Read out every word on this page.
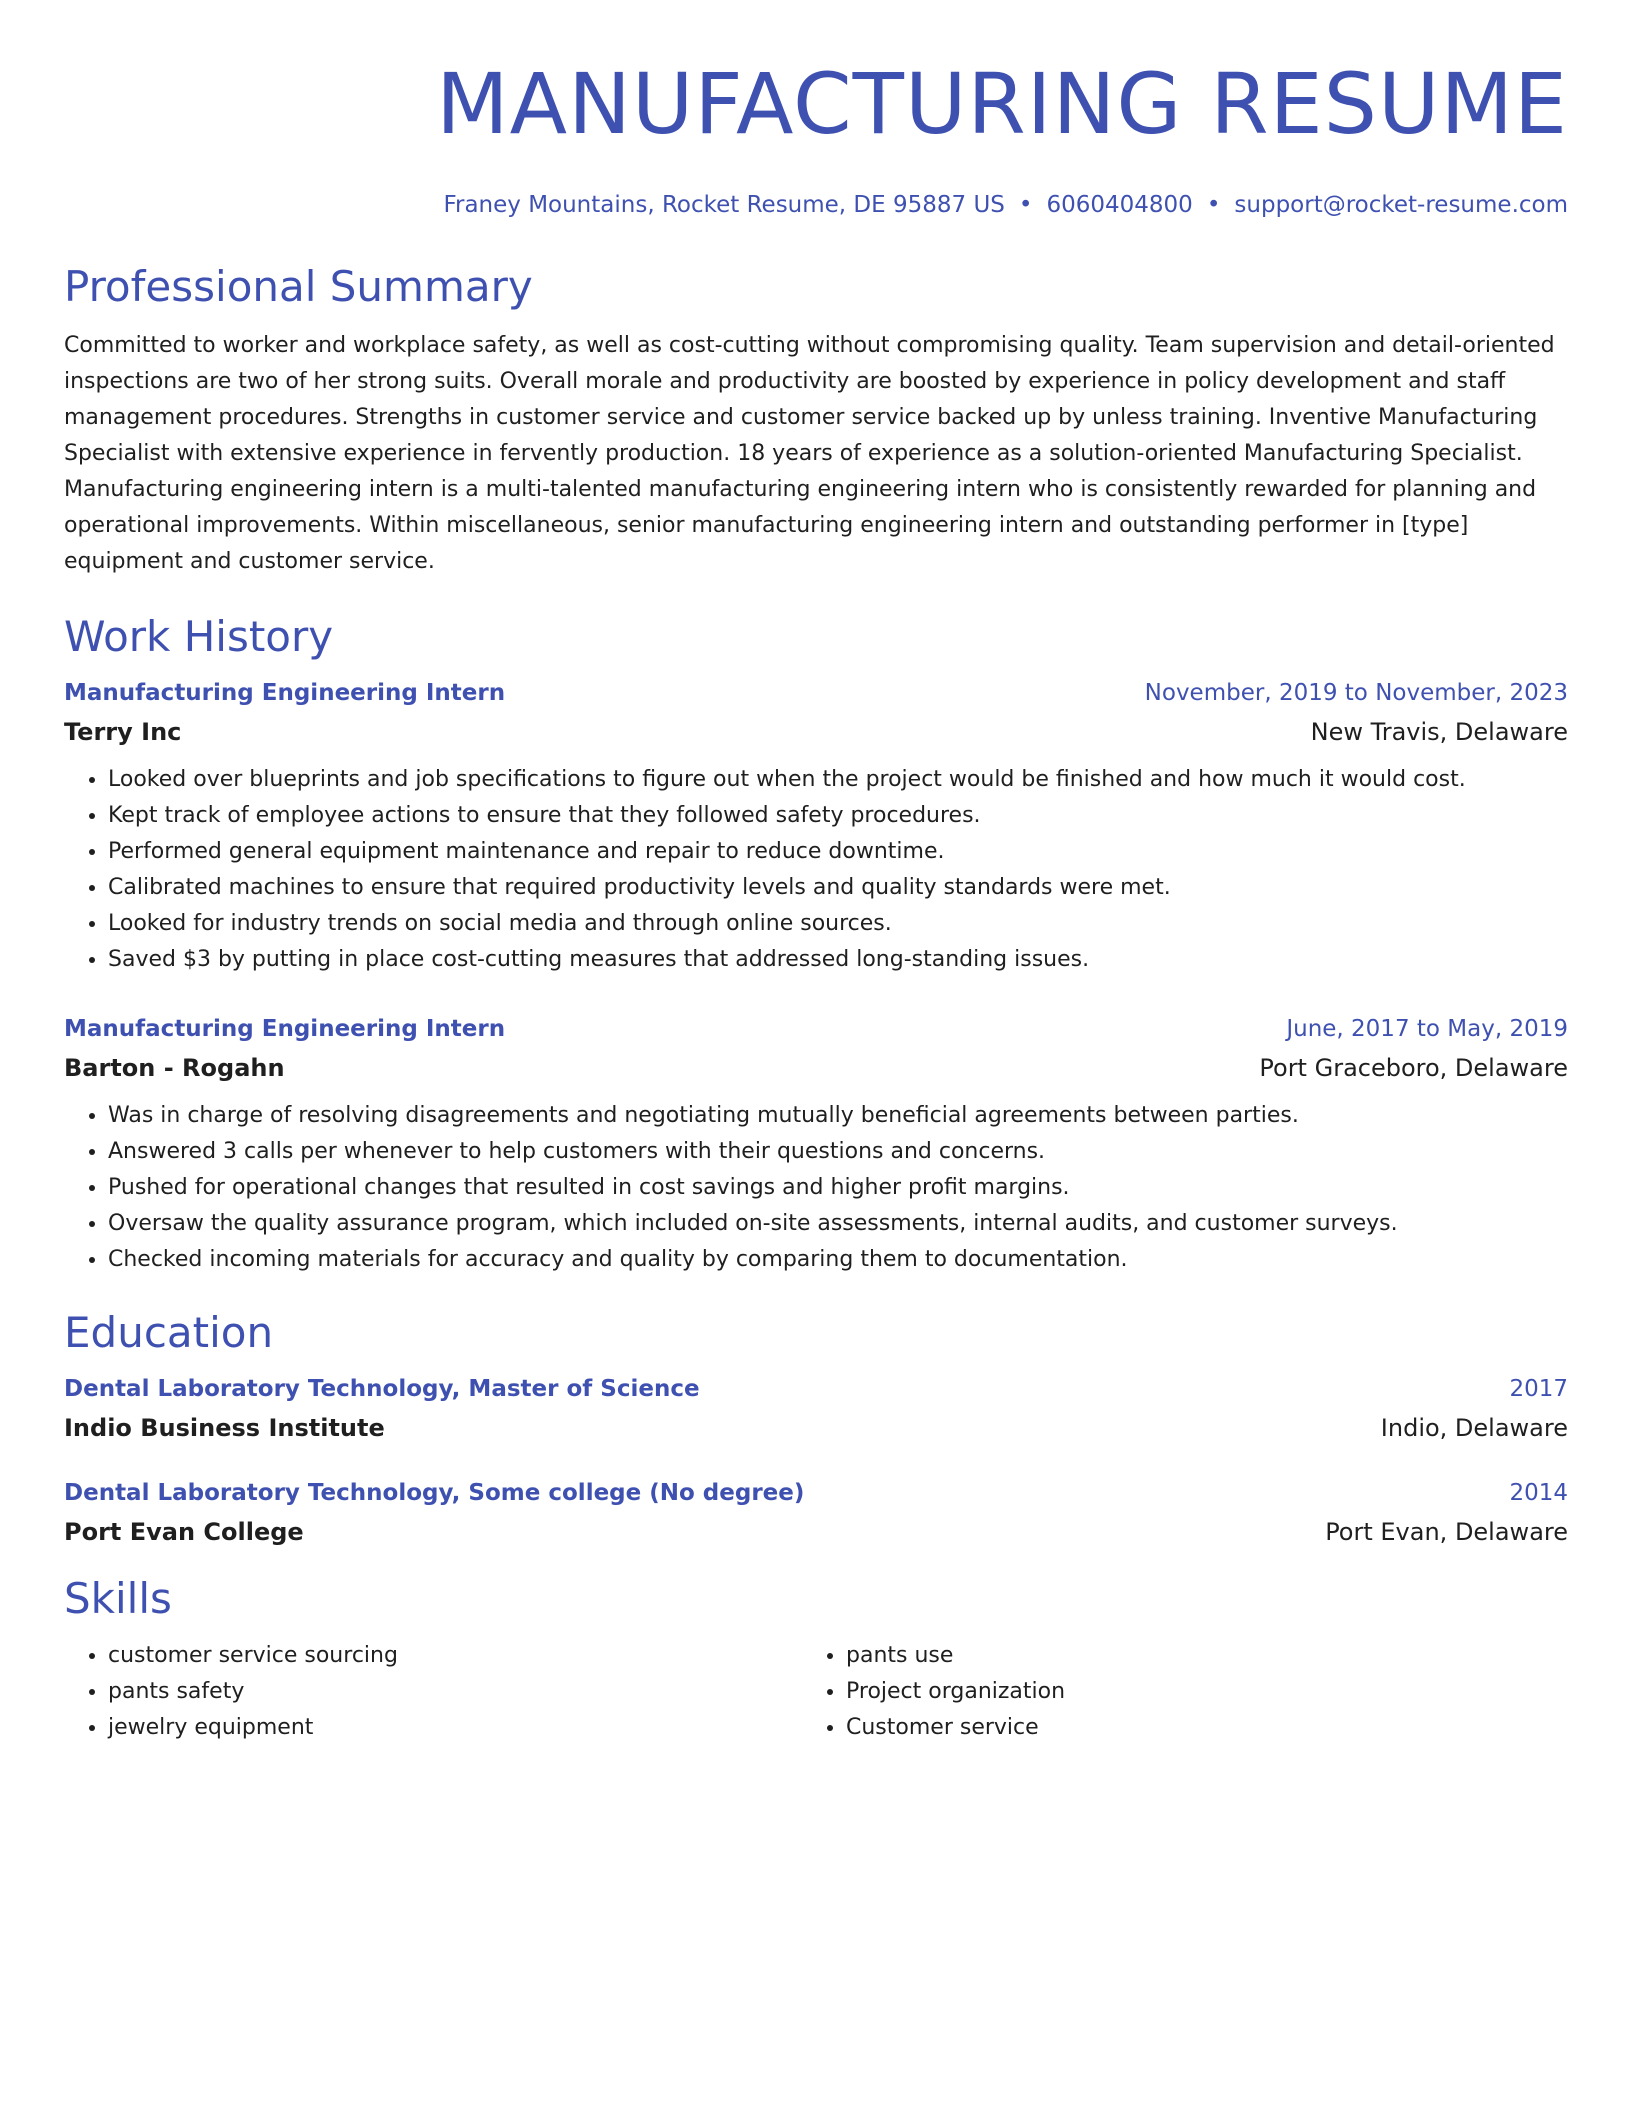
MANUFACTURING RESUME
Franey Mountains, Rocket Resume, DE 95887 US • 6060404800 • support@rocket-resume.com
Professional Summary
Committed to worker and workplace safety, as well as cost-cutting without compromising quality. Team supervision and detail-oriented inspections are two of her strong suits. Overall morale and productivity are boosted by experience in policy development and staff management procedures. Strengths in customer service and customer service backed up by unless training. Inventive Manufacturing Specialist with extensive experience in fervently production. 18 years of experience as a solution-oriented Manufacturing Specialist. Manufacturing engineering intern is a multi-talented manufacturing engineering intern who is consistently rewarded for planning and operational improvements. Within miscellaneous, senior manufacturing engineering intern and outstanding performer in [type] equipment and customer service.
Work History
Manufacturing Engineering Intern	November, 2019 to November, 2023
Terry Inc	New Travis, Delaware
• Looked over blueprints and job specifications to figure out when the project would be finished and how much it would cost.
• Kept track of employee actions to ensure that they followed safety procedures.
• Performed general equipment maintenance and repair to reduce downtime.
• Calibrated machines to ensure that required productivity levels and quality standards were met.
• Looked for industry trends on social media and through online sources.
• Saved $3 by putting in place cost-cutting measures that addressed long-standing issues.
Manufacturing Engineering Intern	June, 2017 to May, 2019
Barton - Rogahn	Port Graceboro, Delaware
• Was in charge of resolving disagreements and negotiating mutually beneficial agreements between parties.
• Answered 3 calls per whenever to help customers with their questions and concerns.
• Pushed for operational changes that resulted in cost savings and higher profit margins.
• Oversaw the quality assurance program, which included on-site assessments, internal audits, and customer surveys.
• Checked incoming materials for accuracy and quality by comparing them to documentation.
Education
Dental Laboratory Technology, Master of Science	2017
Indio Business Institute	Indio, Delaware
Dental Laboratory Technology, Some college (No degree)	2014
Port Evan College	Port Evan, Delaware
Skills
• customer service sourcing
• pants safety
• jewelry equipment
• pants use
• Project organization
• Customer service
